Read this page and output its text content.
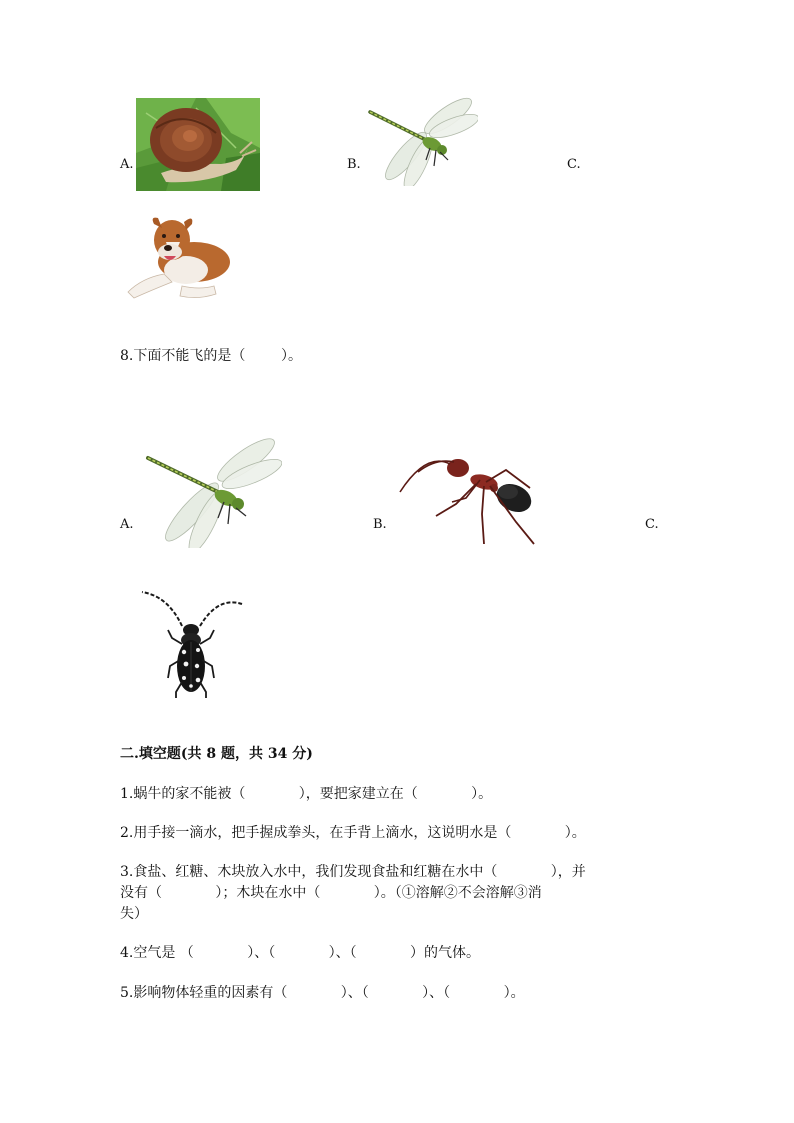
A.	B.	C.
8.下面不能飞的是（        ）。
A.	B.	C.
二.填空题(共 8 题，共 34 分)
1.蜗牛的家不能被（            ），要把家建立在（            ）。
2.用手接一滴水，把手握成拳头，在手背上滴水，这说明水是（            ）。
3.食盐、红糖、木块放入水中，我们发现食盐和红糖在水中（            ），并
没有（            ）；木块在水中（            ）。（①溶解②不会溶解③消
失）
4.空气是 （            ）、（            ）、（            ）的气体。
5.影响物体轻重的因素有（            ）、（            ）、（            ）。
